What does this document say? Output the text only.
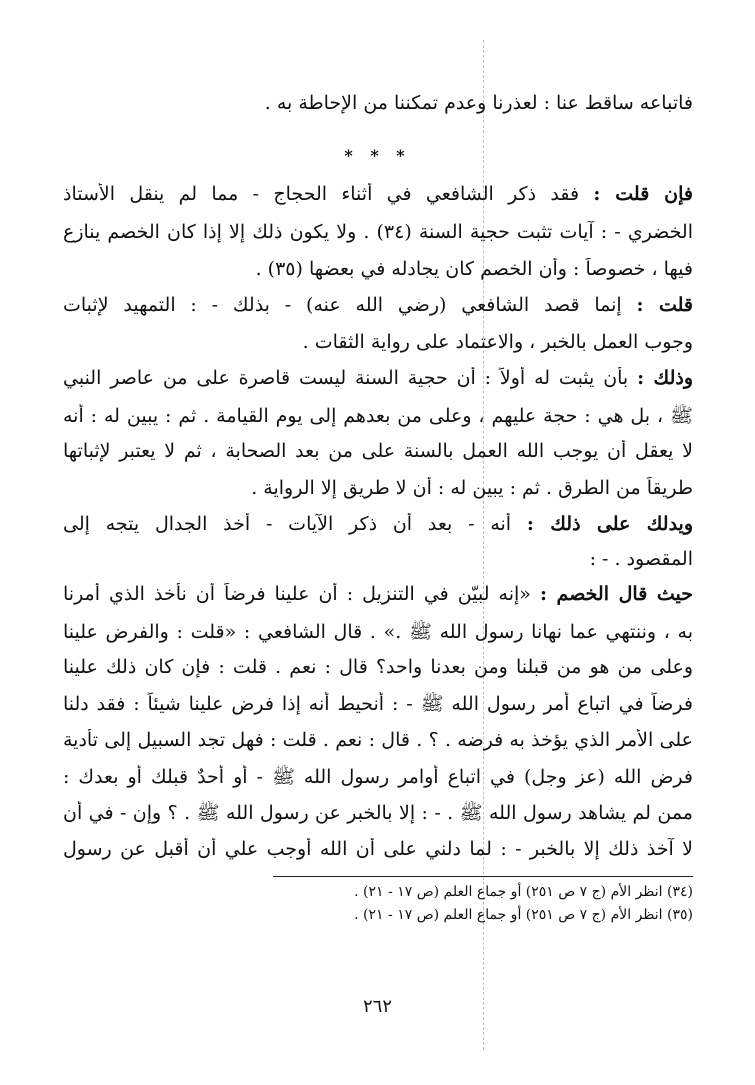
فاتباعه ساقط عنا : لعذرنا وعدم تمكننا من الإحاطة به .
* * *
فإن قلت : فقد ذكر الشافعي في أثناء الحجاج - مما لم ينقل الأستاذ
الخضري - : آيات تثبت حجية السنة (٣٤) . ولا يكون ذلك إلا إذا كان الخصم ينازع
فيها ، خصوصاً : وأن الخصم كان يجادله في بعضها (٣٥) .
قلت : إنما قصد الشافعي (رضي الله عنه) - بذلك - : التمهيد لإثبات
وجوب العمل بالخبر ، والاعتماد على رواية الثقات .
وذلك : بأن يثبت له أولاً : أن حجية السنة ليست قاصرة على من عاصر النبي
ﷺ ، بل هي : حجة عليهم ، وعلى من بعدهم إلى يوم القيامة . ثم : يبين له : أنه
لا يعقل أن يوجب الله العمل بالسنة على من بعد الصحابة ، ثم لا يعتبر لإثباتها
طريقاً من الطرق . ثم : يبين له : أن لا طريق إلا الرواية .
ويدلك على ذلك : أنه - بعد أن ذكر الآيات - أخذ الجدال يتجه إلى
المقصود . - :
حيث قال الخصم : «إنه لبيّن في التنزيل : أن علينا فرضاً أن نأخذ الذي أمرنا
به ، وننتهي عما نهانا رسول الله ﷺ .» . قال الشافعي : «قلت : والفرض علينا
وعلى من هو من قبلنا ومن بعدنا واحد؟ قال : نعم . قلت : فإن كان ذلك علينا
فرضاً في اتباع أمر رسول الله ﷺ - : أنحيط أنه إذا فرض علينا شيئاً : فقد دلنا
على الأمر الذي يؤخذ به فرضه . ؟ . قال : نعم . قلت : فهل تجد السبيل إلى تأدية
فرض الله (عز وجل) في اتباع أوامر رسول الله ﷺ - أو أحدٌ قبلك أو بعدك :
ممن لم يشاهد رسول الله ﷺ . - : إلا بالخبر عن رسول الله ﷺ . ؟ وإن - في أن
لا آخذ ذلك إلا بالخبر - : لما دلني على أن الله أوجب علي أن أقبل عن رسول
(٣٤) انظر الأم (ج ٧ ص ٢٥١) أو جماع العلم (ص ١٧ - ٢١) .
(٣٥) انظر الأم (ج ٧ ص ٢٥١) أو جماع العلم (ص ١٧ - ٢١) .
٢٦٢
